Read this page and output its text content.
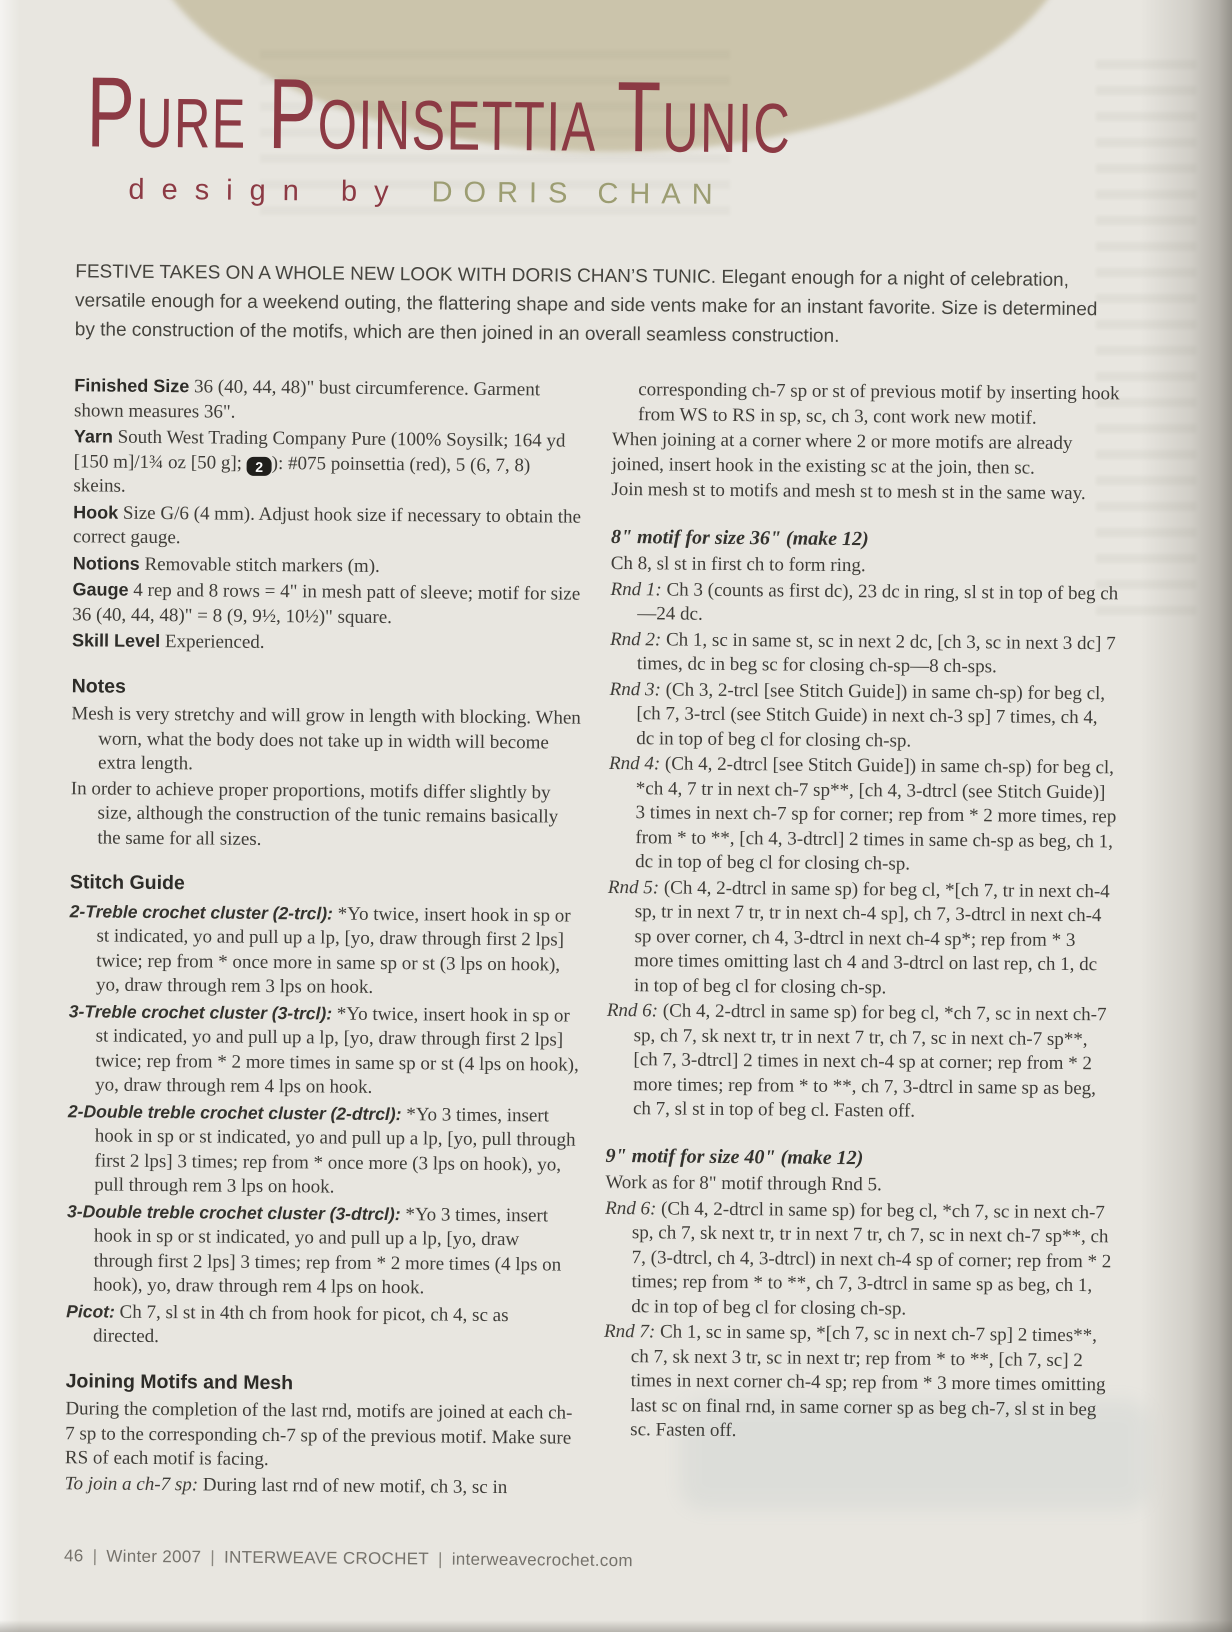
Pure Poinsettia Tunic
design by DORIS CHAN

FESTIVE TAKES ON A WHOLE NEW LOOK WITH DORIS CHAN’S TUNIC. Elegant enough for a night of celebration, versatile enough for a weekend outing, the flattering shape and side vents make for an instant favorite. Size is determined by the construction of the motifs, which are then joined in an overall seamless construction.

Finished Size 36 (40, 44, 48)" bust circumference. Garment shown measures 36".

Yarn South West Trading Company Pure (100% Soysilk; 164 yd [150 m]/1¾ oz [50 g]; 2 ): #075 poinsettia (red), 5 (6, 7, 8) skeins.

Hook Size G/6 (4 mm). Adjust hook size if necessary to obtain the correct gauge.

Notions Removable stitch markers (m).

Gauge 4 rep and 8 rows = 4" in mesh patt of sleeve; motif for size 36 (40, 44, 48)" = 8 (9, 9½, 10½)" square.

Skill Level Experienced.

Notes

Mesh is very stretchy and will grow in length with blocking. When worn, what the body does not take up in width will become extra length.

In order to achieve proper proportions, motifs differ slightly by size, although the construction of the tunic remains basically the same for all sizes.

Stitch Guide

2-Treble crochet cluster (2-trcl): *Yo twice, insert hook in sp or st indicated, yo and pull up a lp, [yo, draw through first 2 lps] twice; rep from * once more in same sp or st (3 lps on hook), yo, draw through rem 3 lps on hook.

3-Treble crochet cluster (3-trcl): *Yo twice, insert hook in sp or st indicated, yo and pull up a lp, [yo, draw through first 2 lps] twice; rep from * 2 more times in same sp or st (4 lps on hook), yo, draw through rem 4 lps on hook.

2-Double treble crochet cluster (2-dtrcl): *Yo 3 times, insert hook in sp or st indicated, yo and pull up a lp, [yo, pull through first 2 lps] 3 times; rep from * once more (3 lps on hook), yo, pull through rem 3 lps on hook.

3-Double treble crochet cluster (3-dtrcl): *Yo 3 times, insert hook in sp or st indicated, yo and pull up a lp, [yo, draw through first 2 lps] 3 times; rep from * 2 more times (4 lps on hook), yo, draw through rem 4 lps on hook.

Picot: Ch 7, sl st in 4th ch from hook for picot, ch 4, sc as directed.

Joining Motifs and Mesh

During the completion of the last rnd, motifs are joined at each ch-7 sp to the corresponding ch-7 sp of the previous motif. Make sure RS of each motif is facing.

To join a ch-7 sp: During last rnd of new motif, ch 3, sc in

corresponding ch-7 sp or st of previous motif by inserting hook from WS to RS in sp, sc, ch 3, cont work new motif.

When joining at a corner where 2 or more motifs are already joined, insert hook in the existing sc at the join, then sc.

Join mesh st to motifs and mesh st to mesh st in the same way.

8" motif for size 36" (make 12)

Ch 8, sl st in first ch to form ring.

Rnd 1: Ch 3 (counts as first dc), 23 dc in ring, sl st in top of beg ch—24 dc.

Rnd 2: Ch 1, sc in same st, sc in next 2 dc, [ch 3, sc in next 3 dc] 7 times, dc in beg sc for closing ch-sp—8 ch-sps.

Rnd 3: (Ch 3, 2-trcl [see Stitch Guide]) in same ch-sp) for beg cl, [ch 7, 3-trcl (see Stitch Guide) in next ch-3 sp] 7 times, ch 4, dc in top of beg cl for closing ch-sp.

Rnd 4: (Ch 4, 2-dtrcl [see Stitch Guide]) in same ch-sp) for beg cl, *ch 4, 7 tr in next ch-7 sp**, [ch 4, 3-dtrcl (see Stitch Guide)] 3 times in next ch-7 sp for corner; rep from * 2 more times, rep from * to **, [ch 4, 3-dtrcl] 2 times in same ch-sp as beg, ch 1, dc in top of beg cl for closing ch-sp.

Rnd 5: (Ch 4, 2-dtrcl in same sp) for beg cl, *[ch 7, tr in next ch-4 sp, tr in next 7 tr, tr in next ch-4 sp], ch 7, 3-dtrcl in next ch-4 sp over corner, ch 4, 3-dtrcl in next ch-4 sp*; rep from * 3 more times omitting last ch 4 and 3-dtrcl on last rep, ch 1, dc in top of beg cl for closing ch-sp.

Rnd 6: (Ch 4, 2-dtrcl in same sp) for beg cl, *ch 7, sc in next ch-7 sp, ch 7, sk next tr, tr in next 7 tr, ch 7, sc in next ch-7 sp**, [ch 7, 3-dtrcl] 2 times in next ch-4 sp at corner; rep from * 2 more times; rep from * to **, ch 7, 3-dtrcl in same sp as beg, ch 7, sl st in top of beg cl. Fasten off.

9" motif for size 40" (make 12)

Work as for 8" motif through Rnd 5.

Rnd 6: (Ch 4, 2-dtrcl in same sp) for beg cl, *ch 7, sc in next ch-7 sp, ch 7, sk next tr, tr in next 7 tr, ch 7, sc in next ch-7 sp**, ch 7, (3-dtrcl, ch 4, 3-dtrcl) in next ch-4 sp of corner; rep from * 2 times; rep from * to **, ch 7, 3-dtrcl in same sp as beg, ch 1, dc in top of beg cl for closing ch-sp.

Rnd 7: Ch 1, sc in same sp, *[ch 7, sc in next ch-7 sp] 2 times**, ch 7, sk next 3 tr, sc in next tr; rep from * to **, [ch 7, sc] 2 times in next corner ch-4 sp; rep from * 3 more times omitting last sc on final rnd, in same corner sp as beg ch-7, sl st in beg sc. Fasten off.

46 | Winter 2007 | INTERWEAVE CROCHET | interweavecrochet.com
